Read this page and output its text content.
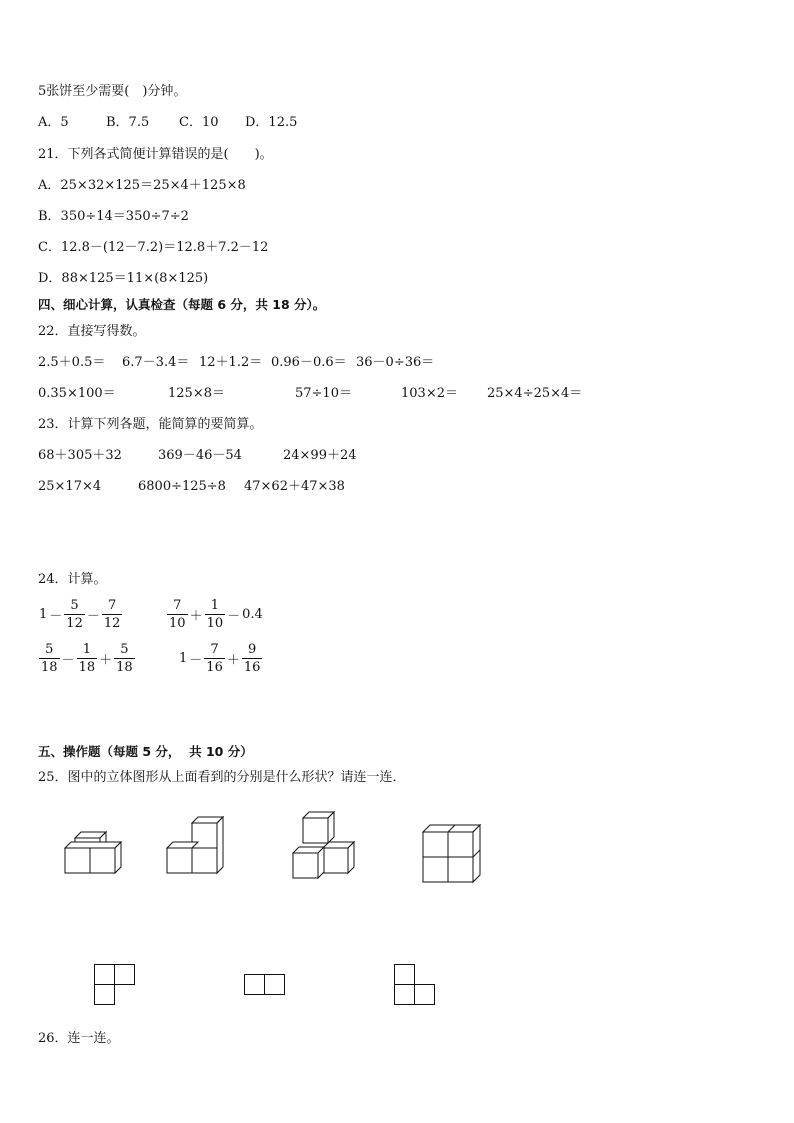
5张饼至少需要(　)分钟。
A．5	B．7.5 C．10 D．12.5
21．下列各式简便计算错误的是(　　)。
A．25×32×125＝25×4＋125×8
B．350÷14＝350÷7÷2
C．12.8－(12－7.2)＝12.8＋7.2－12
D．88×125＝11×(8×125)
四、细心计算，认真检查（每题 6 分，共 18 分）。
22．直接写得数。
2.5＋0.5＝ 6.7－3.4＝ 12＋1.2＝ 0.96－0.6＝ 36－0÷36＝
0.35×100＝	125×8＝	57÷10＝	103×2＝ 25×4÷25×4＝
23．计算下列各题，能简算的要简算。
68＋305＋32	369－46－54	24×99＋24
25×17×4	6800÷125÷8 47×62＋47×38
24．计算。
1 －
5
12 －
7
12
7
10 ＋
1
10 － 0.4
5
18 －
1
18 ＋
5
18
1 －
7
16 ＋
9
16
五、操作题（每题 5 分，  共 10 分）
25．图中的立体图形从上面看到的分别是什么形状？请连一连．
26．连一连。
